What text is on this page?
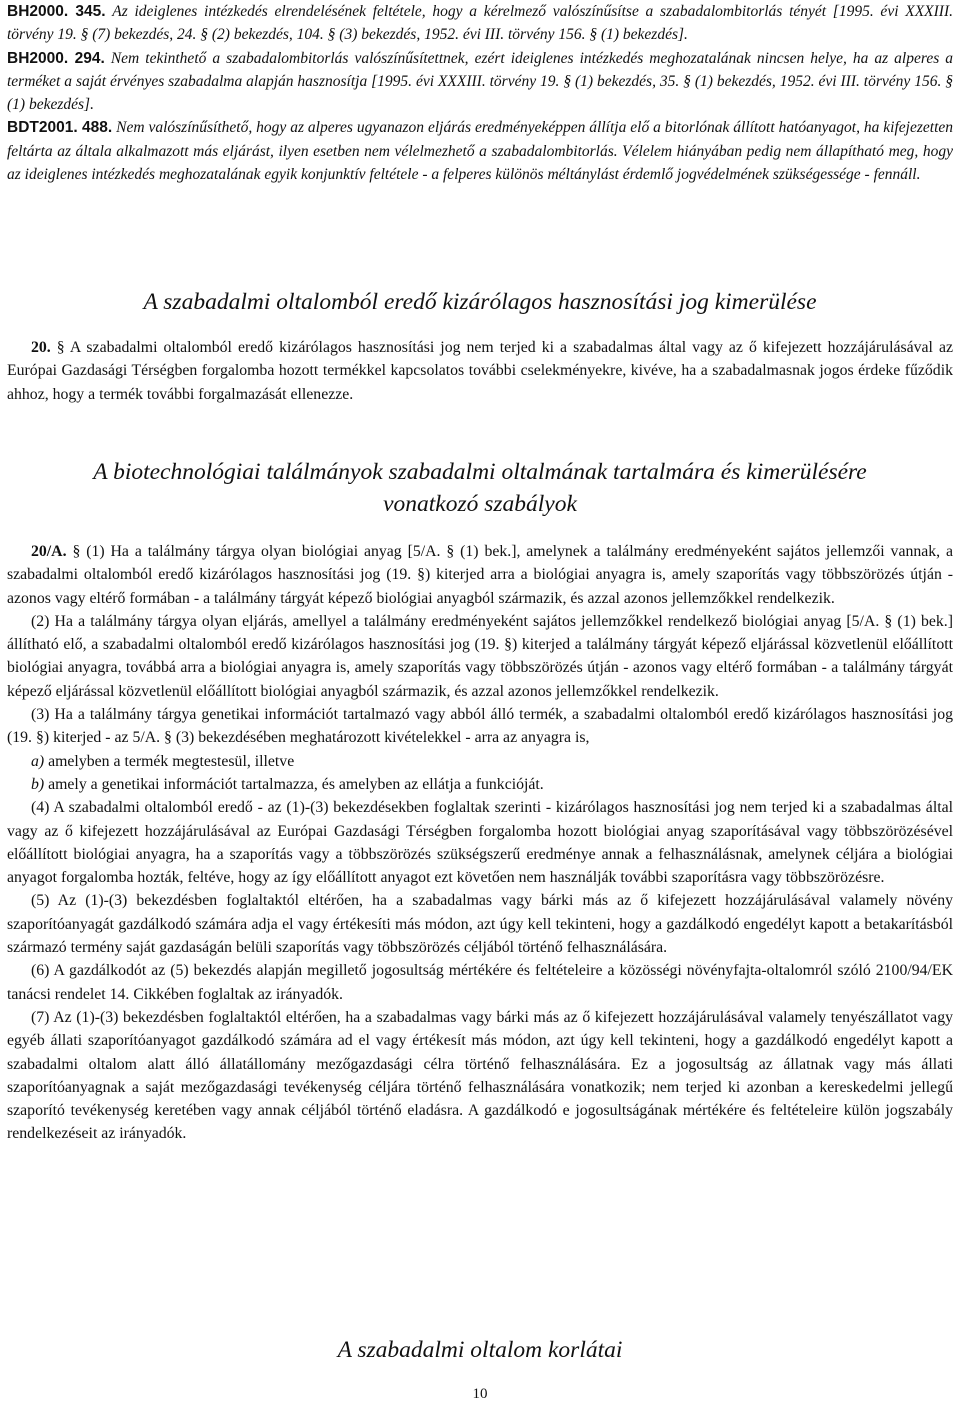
BH2000. 345. Az ideiglenes intézkedés elrendelésének feltétele, hogy a kérelmező valószínűsítse a szabadalombitorlás tényét [1995. évi XXXIII. törvény 19. § (7) bekezdés, 24. § (2) bekezdés, 104. § (3) bekezdés, 1952. évi III. törvény 156. § (1) bekezdés].
BH2000. 294. Nem tekinthető a szabadalombitorlás valószínűsítettnek, ezért ideiglenes intézkedés meghozatalának nincsen helye, ha az alperes a terméket a saját érvényes szabadalma alapján hasznosítja [1995. évi XXXIII. törvény 19. § (1) bekezdés, 35. § (1) bekezdés, 1952. évi III. törvény 156. § (1) bekezdés].
BDT2001. 488. Nem valószínűsíthető, hogy az alperes ugyanazon eljárás eredményeképpen állítja elő a bitorlónak állított hatóanyagot, ha kifejezetten feltárta az általa alkalmazott más eljárást, ilyen esetben nem vélelmezhető a szabadalombitorlás. Vélelem hiányában pedig nem állapítható meg, hogy az ideiglenes intézkedés meghozatalának egyik konjunktív feltétele - a felperes különös méltánylást érdemlő jogvédelmének szükségessége - fennáll.
A szabadalmi oltalomból eredő kizárólagos hasznosítási jog kimerülése

20. § A szabadalmi oltalomból eredő kizárólagos hasznosítási jog nem terjed ki a szabadalmas által vagy az ő kifejezett hozzájárulásával az Európai Gazdasági Térségben forgalomba hozott termékkel kapcsolatos további cselekményekre, kivéve, ha a szabadalmasnak jogos érdeke fűződik ahhoz, hogy a termék további forgalmazását ellenezze.

A biotechnológiai találmányok szabadalmi oltalmának tartalmára és kimerülésére
vonatkozó szabályok

20/A. § (1) Ha a találmány tárgya olyan biológiai anyag [5/A. § (1) bek.], amelynek a találmány eredményeként sajátos jellemzői vannak, a szabadalmi oltalomból eredő kizárólagos hasznosítási jog (19. §) kiterjed arra a biológiai anyagra is, amely szaporítás vagy többszörözés útján - azonos vagy eltérő formában - a találmány tárgyát képező biológiai anyagból származik, és azzal azonos jellemzőkkel rendelkezik.

(2) Ha a találmány tárgya olyan eljárás, amellyel a találmány eredményeként sajátos jellemzőkkel rendelkező biológiai anyag [5/A. § (1) bek.] állítható elő, a szabadalmi oltalomból eredő kizárólagos hasznosítási jog (19. §) kiterjed a találmány tárgyát képező eljárással közvetlenül előállított biológiai anyagra, továbbá arra a biológiai anyagra is, amely szaporítás vagy többszörözés útján - azonos vagy eltérő formában - a találmány tárgyát képező eljárással közvetlenül előállított biológiai anyagból származik, és azzal azonos jellemzőkkel rendelkezik.

(3) Ha a találmány tárgya genetikai információt tartalmazó vagy abból álló termék, a szabadalmi oltalomból eredő kizárólagos hasznosítási jog (19. §) kiterjed - az 5/A. § (3) bekezdésében meghatározott kivételekkel - arra az anyagra is,

a) amelyben a termék megtestesül, illetve

b) amely a genetikai információt tartalmazza, és amelyben az ellátja a funkcióját.

(4) A szabadalmi oltalomból eredő - az (1)-(3) bekezdésekben foglaltak szerinti - kizárólagos hasznosítási jog nem terjed ki a szabadalmas által vagy az ő kifejezett hozzájárulásával az Európai Gazdasági Térségben forgalomba hozott biológiai anyag szaporításával vagy többszörözésével előállított biológiai anyagra, ha a szaporítás vagy a többszörözés szükségszerű eredménye annak a felhasználásnak, amelynek céljára a biológiai anyagot forgalomba hozták, feltéve, hogy az így előállított anyagot ezt követően nem használják további szaporításra vagy többszörözésre.

(5) Az (1)-(3) bekezdésben foglaltaktól eltérően, ha a szabadalmas vagy bárki más az ő kifejezett hozzájárulásával valamely növény szaporítóanyagát gazdálkodó számára adja el vagy értékesíti más módon, azt úgy kell tekinteni, hogy a gazdálkodó engedélyt kapott a betakarításból származó termény saját gazdaságán belüli szaporítás vagy többszörözés céljából történő felhasználására.

(6) A gazdálkodót az (5) bekezdés alapján megillető jogosultság mértékére és feltételeire a közösségi növényfajta-oltalomról szóló 2100/94/EK tanácsi rendelet 14. Cikkében foglaltak az irányadók.

(7) Az (1)-(3) bekezdésben foglaltaktól eltérően, ha a szabadalmas vagy bárki más az ő kifejezett hozzájárulásával valamely tenyészállatot vagy egyéb állati szaporítóanyagot gazdálkodó számára ad el vagy értékesít más módon, azt úgy kell tekinteni, hogy a gazdálkodó engedélyt kapott a szabadalmi oltalom alatt álló állatállomány mezőgazdasági célra történő felhasználására. Ez a jogosultság az állatnak vagy más állati szaporítóanyagnak a saját mezőgazdasági tevékenység céljára történő felhasználására vonatkozik; nem terjed ki azonban a kereskedelmi jellegű szaporító tevékenység keretében vagy annak céljából történő eladásra. A gazdálkodó e jogosultságának mértékére és feltételeire külön jogszabály rendelkezéseit az irányadók.

A szabadalmi oltalom korlátai
10
